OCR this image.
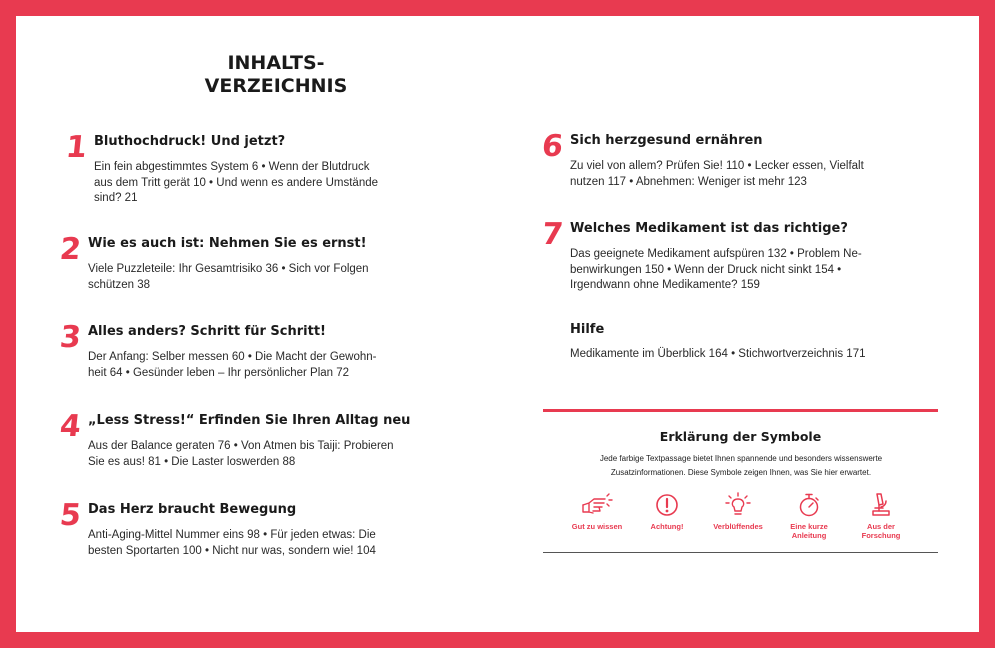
INHALTS-
VERZEICHNIS
1 Bluthochdruck! Und jetzt?
Ein fein abgestimmtes System 6 • Wenn der Blutdruck
aus dem Tritt gerät 10 • Und wenn es andere Umstände
sind? 21
2 Wie es auch ist: Nehmen Sie es ernst!
Viele Puzzleteile: Ihr Gesamtrisiko 36 • Sich vor Folgen
schützen 38
3 Alles anders? Schritt für Schritt!
Der Anfang: Selber messen 60 • Die Macht der Gewohn-
heit 64 • Gesünder leben – Ihr persönlicher Plan 72
4 „Less Stress!“ Erfinden Sie Ihren Alltag neu
Aus der Balance geraten 76 • Von Atmen bis Taiji: Probieren
Sie es aus! 81 • Die Laster loswerden 88
5 Das Herz braucht Bewegung
Anti-Aging-Mittel Nummer eins 98 • Für jeden etwas: Die
besten Sportarten 100 • Nicht nur was, sondern wie! 104
6 Sich herzgesund ernähren
Zu viel von allem? Prüfen Sie! 110 • Lecker essen, Vielfalt
nutzen 117 • Abnehmen: Weniger ist mehr 123
7 Welches Medikament ist das richtige?
Das geeignete Medikament aufspüren 132 • Problem Ne-
benwirkungen 150 • Wenn der Druck nicht sinkt 154 •
Irgendwann ohne Medikamente? 159
Hilfe
Medikamente im Überblick 164 • Stichwortverzeichnis 171
Erklärung der Symbole
Jede farbige Textpassage bietet Ihnen spannende und besonders wissenswerte
Zusatzinformationen. Diese Symbole zeigen Ihnen, was Sie hier erwartet.
Gut zu wissen	Achtung!	Verblüffendes	Eine kurze
Anleitung
Aus der
Forschung
